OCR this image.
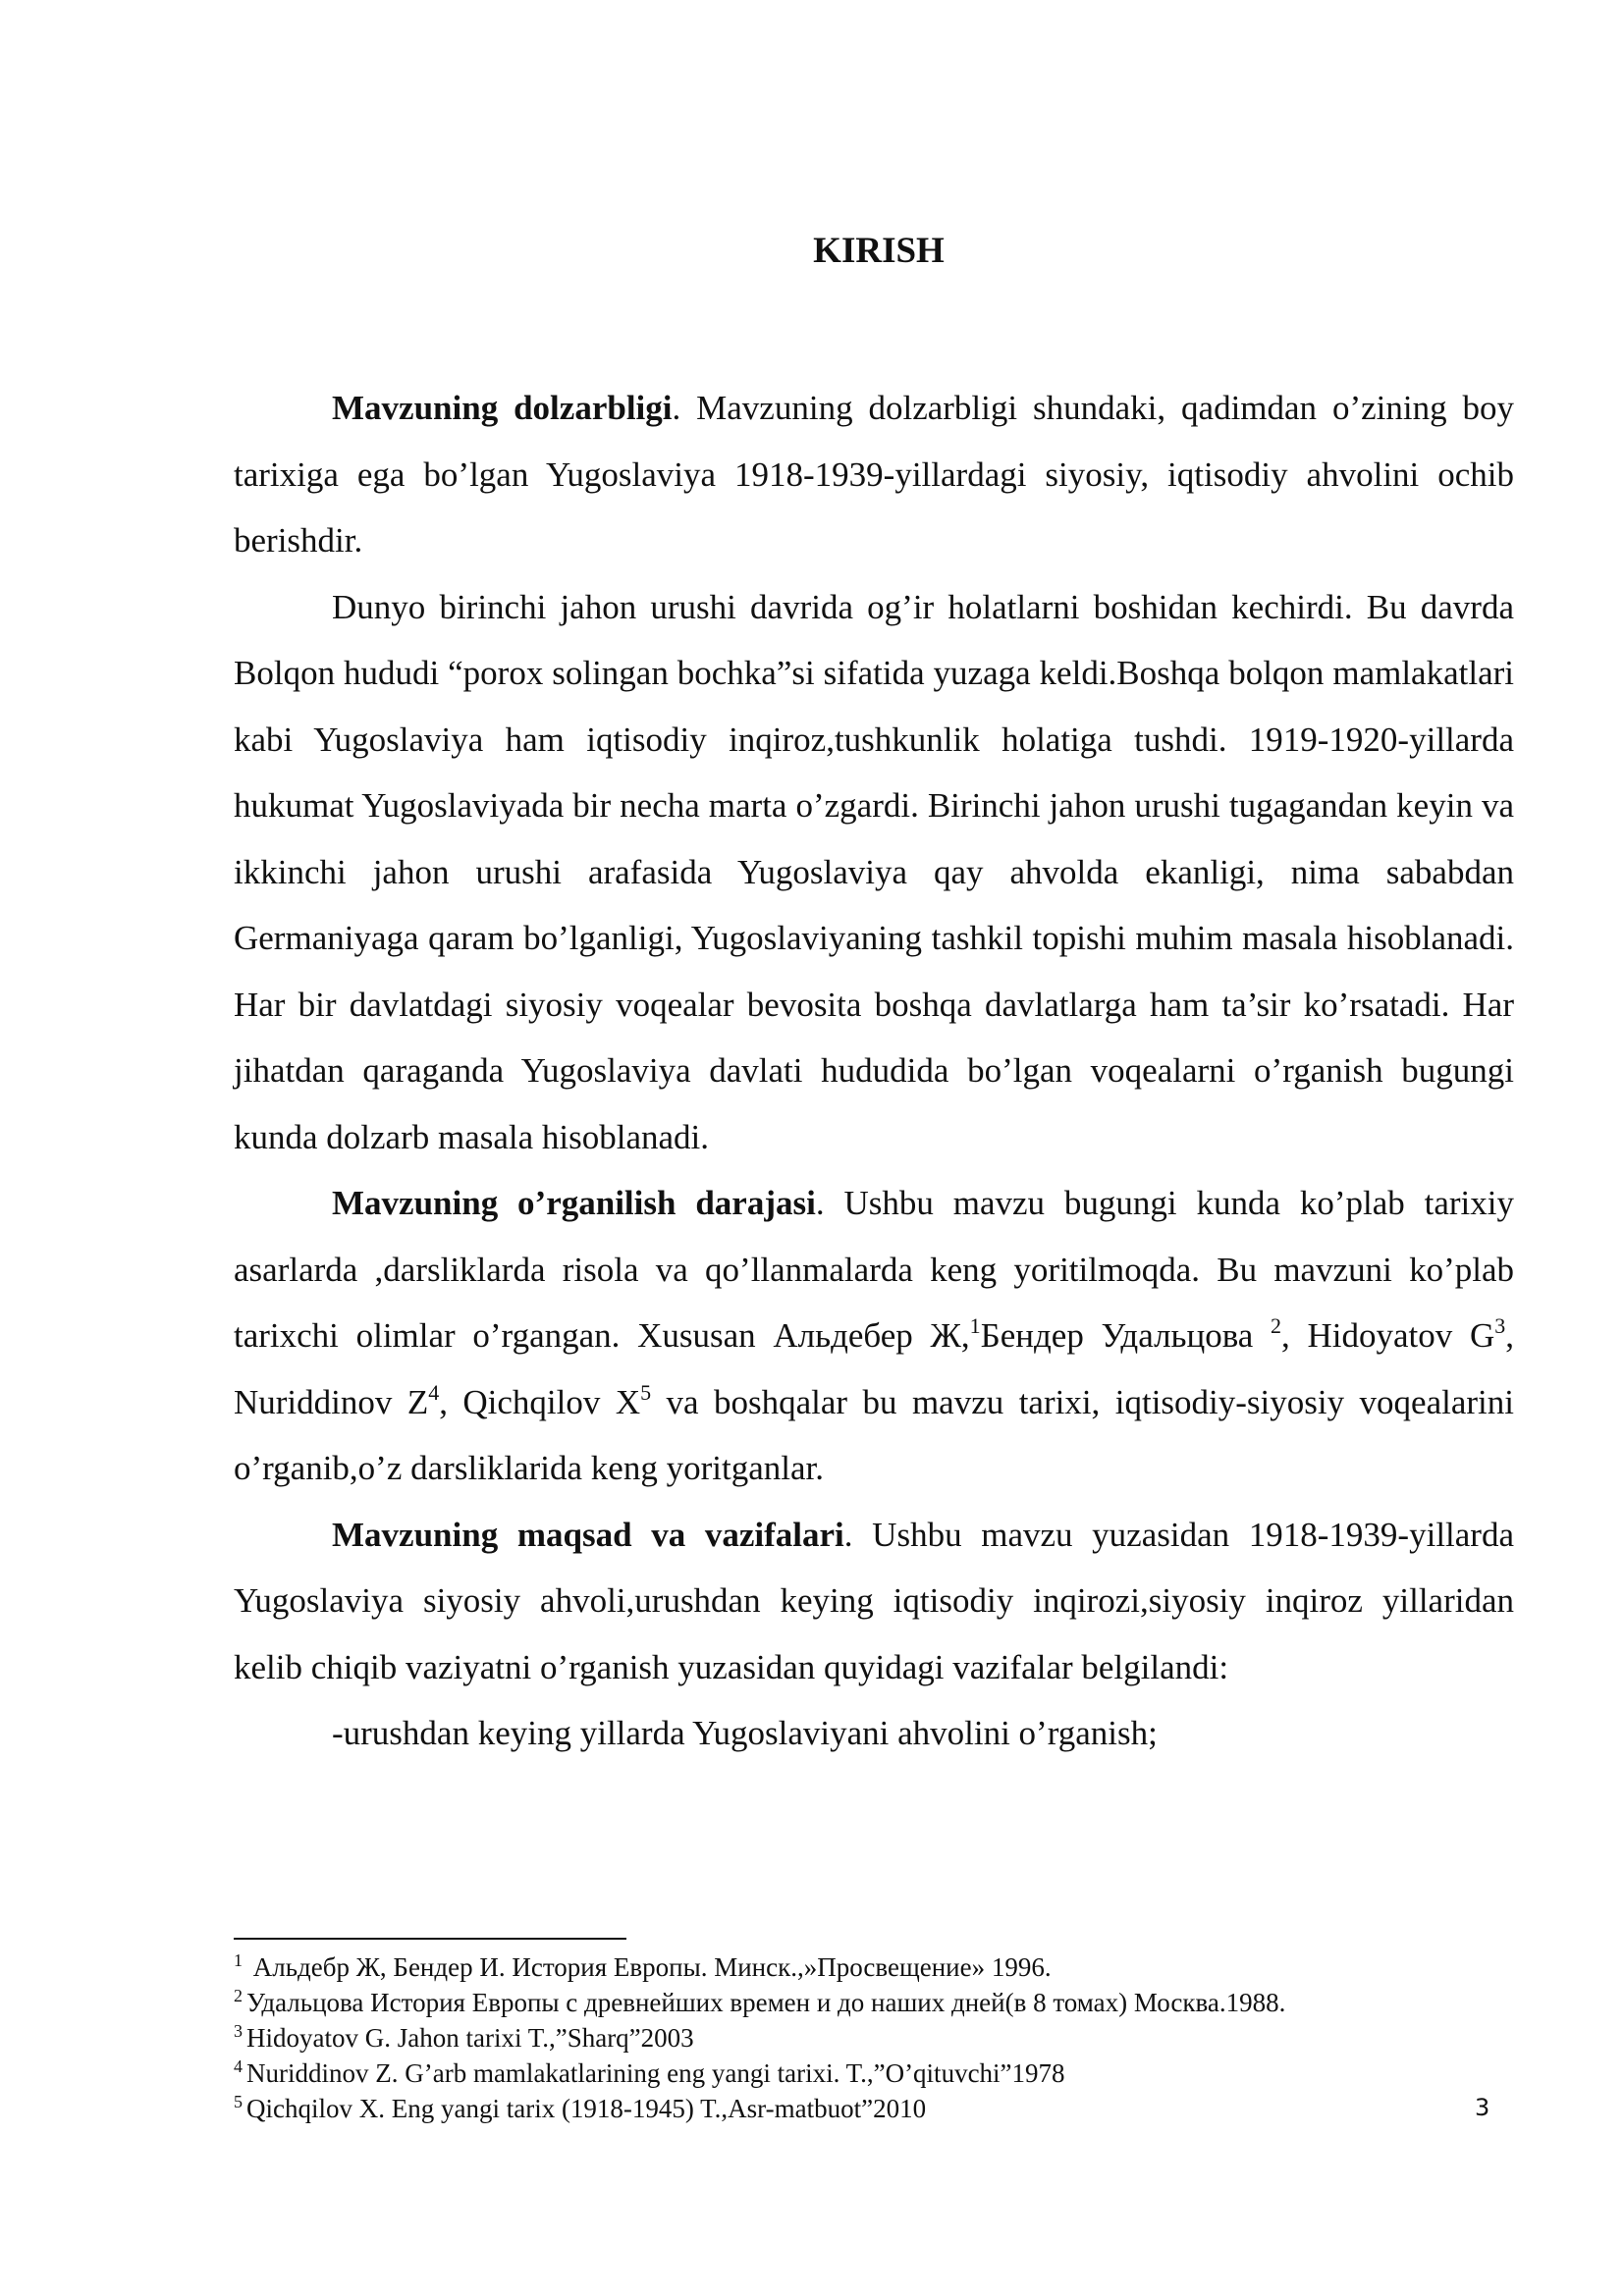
KIRISH

Mavzuning dolzarbligi. Mavzuning dolzarbligi shundaki, qadimdan o’zining boy tarixiga ega bo’lgan Yugoslaviya 1918-1939-yillardagi siyosiy, iqtisodiy ahvolini ochib berishdir.

Dunyo birinchi jahon urushi davrida og’ir holatlarni boshidan kechirdi. Bu davrda Bolqon hududi “porox solingan bochka”si sifatida yuzaga keldi.Boshqa bolqon mamlakatlari kabi Yugoslaviya ham iqtisodiy inqiroz,tushkunlik holatiga tushdi. 1919-1920-yillarda hukumat Yugoslaviyada bir necha marta o’zgardi. Birinchi jahon urushi tugagandan keyin va ikkinchi jahon urushi arafasida Yugoslaviya qay ahvolda ekanligi, nima sababdan Germaniyaga qaram bo’lganligi, Yugoslaviyaning tashkil topishi muhim masala hisoblanadi. Har bir davlatdagi siyosiy voqealar bevosita boshqa davlatlarga ham ta’sir ko’rsatadi. Har jihatdan qaraganda Yugoslaviya davlati hududida bo’lgan voqealarni o’rganish bugungi kunda dolzarb masala hisoblanadi.

Mavzuning o’rganilish darajasi. Ushbu mavzu bugungi kunda ko’plab tarixiy asarlarda ,darsliklarda risola va qo’llanmalarda keng yoritilmoqda. Bu mavzuni ko’plab tarixchi olimlar o’rgangan. Xususan Альдебер Ж,$^1$Бендер Удальцова $^2$, Hidoyatov $G^3$, Nuriddinov $Z^4$, Qichqilov $X^5$ va boshqalar bu mavzu tarixi, iqtisodiy-siyosiy voqealarini o’rganib,o’z darsliklarida keng yoritganlar.

Mavzuning maqsad va vazifalari. Ushbu mavzu yuzasidan 1918-1939-yillarda Yugoslaviya siyosiy ahvoli,urushdan keying iqtisodiy inqirozi,siyosiy inqiroz yillaridan kelib chiqib vaziyatni o’rganish yuzasidan quyidagi vazifalar belgilandi:

-urushdan keying yillarda Yugoslaviyani ahvolini o’rganish;

$^1$ Альдебр Ж, Бендер И. История Европы. Минск.,»Просвещение» 1996.
$^2$ Удальцова История Европы с древнейших времен и до наших дней(в 8 томах) Москва.1988.
$^3$ Hidoyatov G. Jahon tarixi T.,”Sharq”2003
$^4$ Nuriddinov Z. G’arb mamlakatlarining eng yangi tarixi. T.,”O’qituvchi”1978
$^5$ Qichqilov X. Eng yangi tarix (1918-1945) T.,Asr-matbuot”2010	3
